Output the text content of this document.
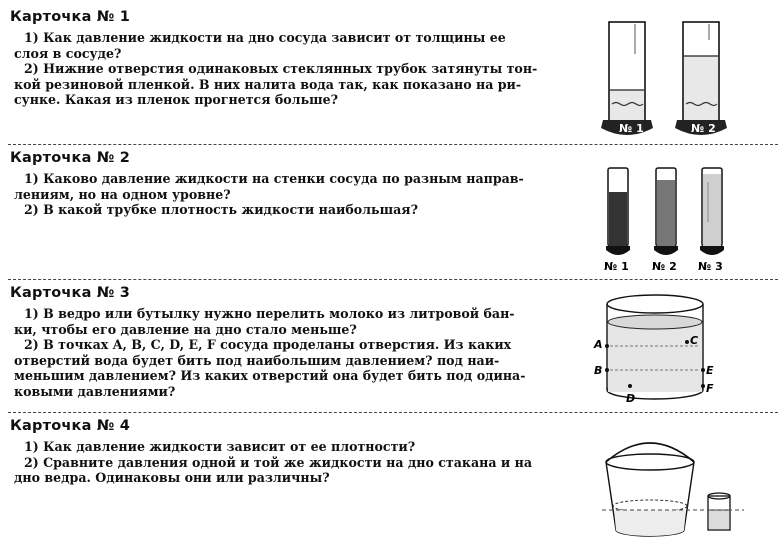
Карточка № 1

1) Как давление жидкости на дно сосуда зависит от толщины ее

слоя в сосуде?

2) Нижние отверстия одинаковых стеклянных трубок затянуты тон-

кой резиновой пленкой. В них налита вода так, как показано на ри-

сунке. Какая из пленок прогнется больше?

№ 1	№ 2
Карточка № 2

1) Каково давление жидкости на стенки сосуда по разным направ-

лениям, но на одном уровне?

2) В какой трубке плотность жидкости наибольшая?

№ 1 № 2 № 3
Карточка № 3

1) В ведро или бутылку нужно перелить молоко из литровой бан-

ки, чтобы его давление на дно стало меньше?

2) В точках A, B, C, D, E, F сосуда проделаны отверстия. Из каких

отверстий вода будет бить под наибольшим давлением? под наи-

меньшим давлением? Из каких отверстий она будет бить под одина-

ковыми давлениями?

A	C
B	E
D
F
Карточка № 4

1) Как давление жидкости зависит от ее плотности?

2) Сравните давления одной и той же жидкости на дно стакана и на

дно ведра. Одинаковы они или различны?
